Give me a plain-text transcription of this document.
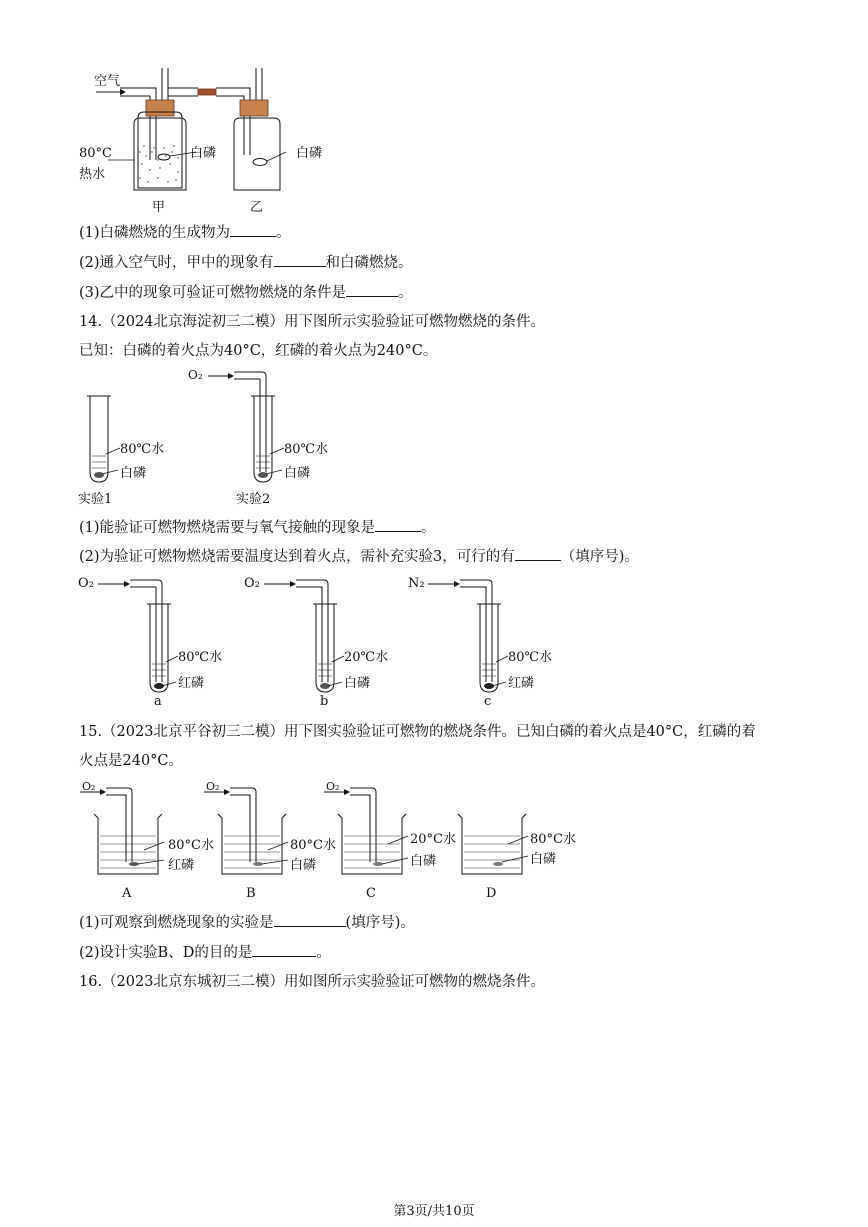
空气
80°C
热水
白磷	白磷
甲	乙
(1)白磷燃烧的生成物为	。
(2)通入空气时，甲中的现象有	和白磷燃烧。
(3)乙中的现象可验证可燃物燃烧的条件是	。
14.（2024北京海淀初三二模）用下图所示实验验证可燃物燃烧的条件。
已知：白磷的着火点为40°C，红磷的着火点为240°C。
O₂
80℃水
白磷
实验1
80℃水
白磷
实验2
(1)能验证可燃物燃烧需要与氧气接触的现象是	。
(2)为验证可燃物燃烧需要温度达到着火点，需补充实验3，可行的有	（填序号)。
O₂
80℃水
红磷
a
O₂
20℃水
白磷
b
N₂
80℃水
红磷
c
15.（2023北京平谷初三二模）用下图实验验证可燃物的燃烧条件。已知白磷的着火点是40°C，红磷的着
火点是240°C。
O₂
80°C水
红磷
A
O₂
80°C水
白磷
B
O₂
20°C水
白磷
C
80°C水
白磷
D
(1)可观察到燃烧现象的实验是	(填序号)。
(2)设计实验B、D的目的是	。
16.（2023北京东城初三二模）用如图所示实验验证可燃物的燃烧条件。
第3页/共10页
